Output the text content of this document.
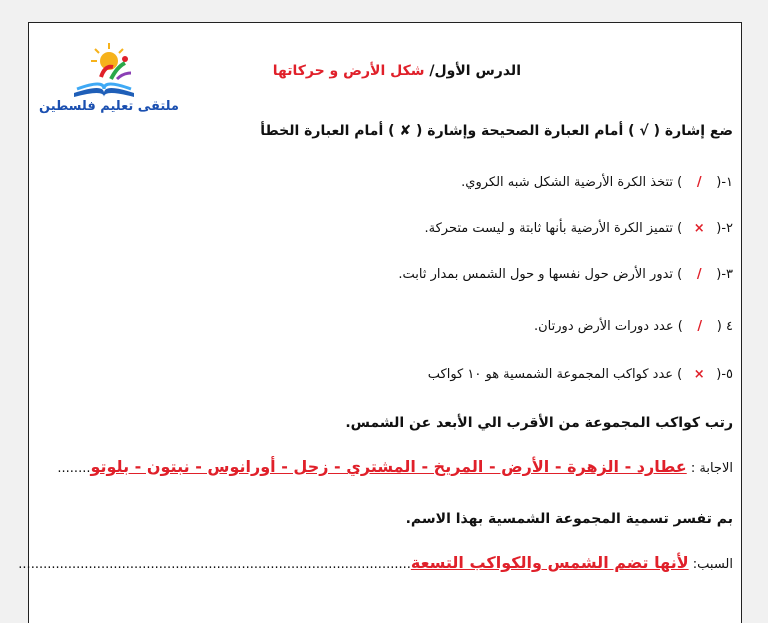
ملتقى تعليم فلسطين
الدرس الأول/ شكل الأرض و حركاتها
ضع إشارة ( √ ) أمام العبارة الصحيحة وإشارة ( ✘ ) أمام العبارة الخطأ
١-(/) تتخذ الكرة الأرضية الشكل شبه الكروي.
٢-(×) تتميز الكرة الأرضية بأنها ثابتة و ليست متحركة.
٣-(/) تدور الأرض حول نفسها و حول الشمس بمدار ثابت.
٤ (/) عدد دورات الأرض دورتان.
٥-(×) عدد كواكب المجموعة الشمسية هو ١٠ كواكب
رتب كواكب المجموعة من الأقرب الي الأبعد عن الشمس.
الاجابة : عطارد - الزهرة - الأرض - المريخ - المشتري - زحل - أورانوس - نبتون - بلوتو........
بم تفسر تسمية المجموعة الشمسية بهذا الاسم.
السبب: لأنها تضم الشمس والكواكب التسعة...............................................................................................
